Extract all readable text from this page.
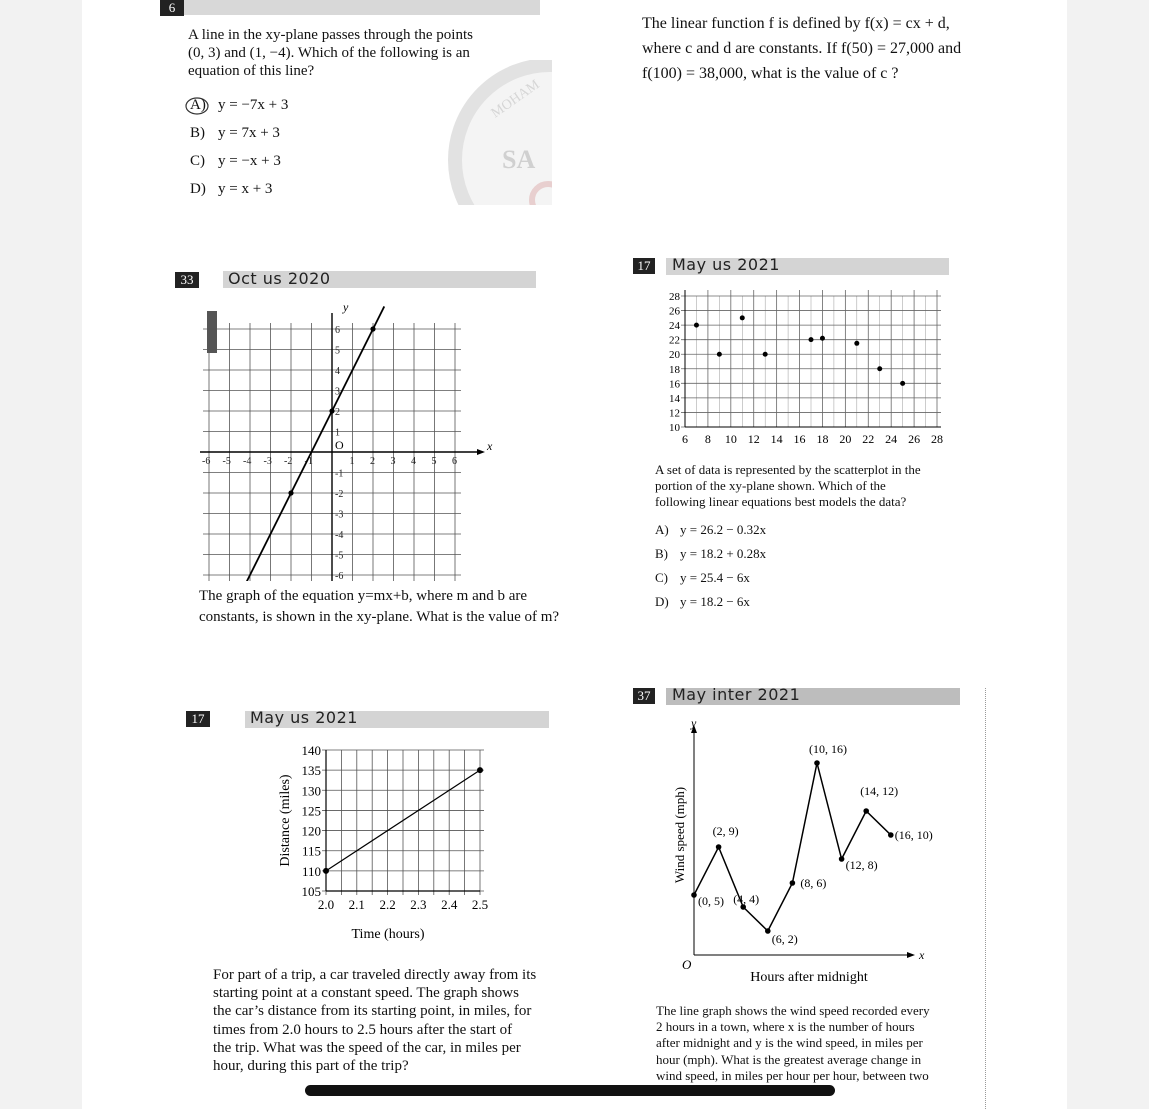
6
MOHAM
SA
A line in the xy-plane passes through the points
(0, 3) and (1, −4). Which of the following is an
equation of this line?
A) y = −7x + 3
B) y = 7x + 3
C) y = −x + 3
D) y = x + 3
The linear function f is defined by f(x) = cx + d,
where c and d are constants. If f(50) = 27,000 and
f(100) = 38,000, what is the value of c ?
33	Oct us 2020
x
y
O
-6
-6
-5
-5
-4
-4
-3
-3
-2
-2
-1
-1
1
1
2
2
3
3
4
4
5
5
6
6
The graph of the equation y=mx+b, where m and b are
constants, is shown in the xy-plane. What is the value of m?
17 May us 2021
10
12
14
16
18
20
22
24
26
28
6 8 10 12 14 16 18 20 22 24 26 28
A set of data is represented by the scatterplot in the
portion of the xy-plane shown. Which of the
following linear equations best models the data?
A) y = 26.2 − 0.32x
B) y = 18.2 + 0.28x
C) y = 25.4 − 6x
D) y = 18.2 − 6x
17	May us 2021
105
110
115
120
125
130
135
140
2.0 2.1 2.2 2.3 2.4 2.5
Time (hours)
Distance (miles)
For part of a trip, a car traveled directly away from its
starting point at a constant speed. The graph shows
the car’s distance from its starting point, in miles, for
times from 2.0 hours to 2.5 hours after the start of
the trip. What was the speed of the car, in miles per
hour, during this part of the trip?
37 May inter 2021
x
y
O
Hours after midnight
Wind speed (mph)
(0, 5)
(2, 9)
(4, 4)
(6, 2)
(8, 6)
(10, 16)
(12, 8)
(14, 12)
(16, 10)
The line graph shows the wind speed recorded every
2 hours in a town, where x is the number of hours
after midnight and y is the wind speed, in miles per
hour (mph). What is the greatest average change in
wind speed, in miles per hour per hour, between two
